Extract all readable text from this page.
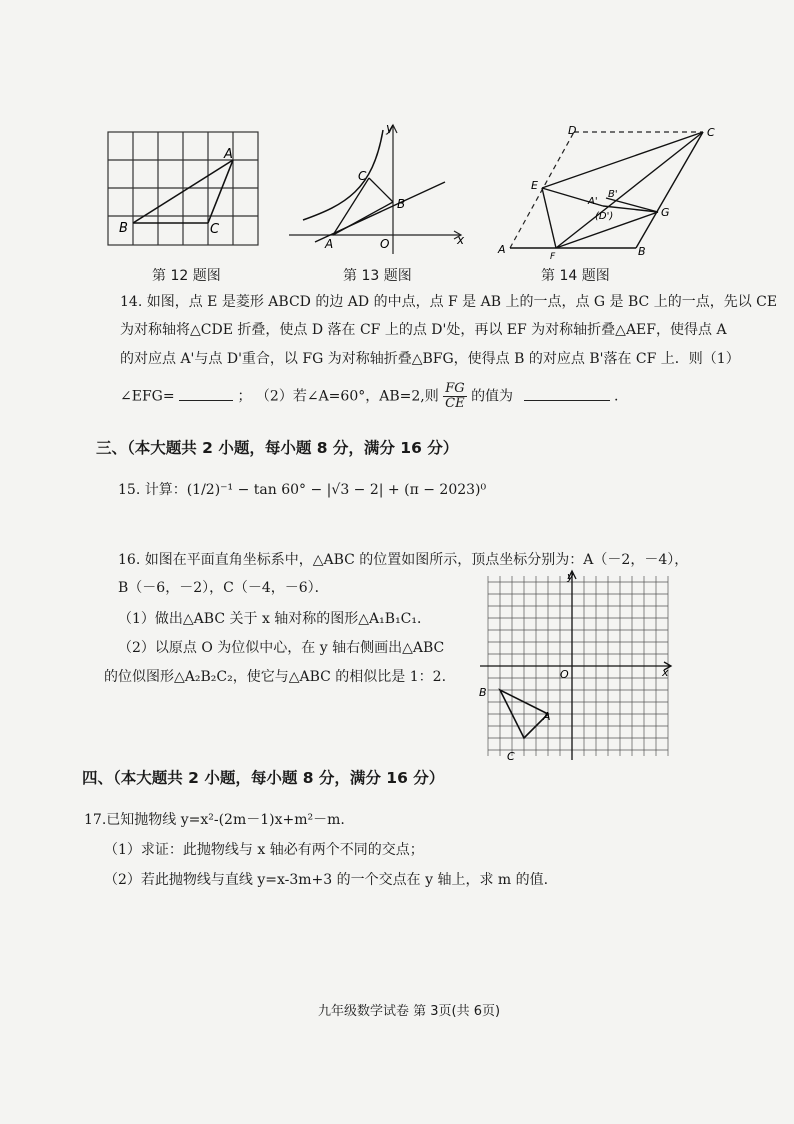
A
B	C
第 12 题图
y
x
O
A
B
C
第 13 题图
D	C
E
G
A	B
F
A'
B'
(D')
第 14 题图
14. 如图，点 E 是菱形 ABCD 的边 AD 的中点，点 F 是 AB 上的一点，点 G 是 BC 上的一点，先以 CE
为对称轴将△CDE 折叠，使点 D 落在 CF 上的点 D'处，再以 EF 为对称轴折叠△AEF，使得点 A
的对应点 A'与点 D'重合，以 FG 为对称轴折叠△BFG，使得点 B 的对应点 B'落在 CF 上．则（1）
∠EFG=	； （2）若∠A=60°，AB=2,则 $\frac{FG}{CE}$ 的值为	.
三、（本大题共 2 小题，每小题 8 分，满分 16 分）
15. 计算：(1/2)⁻¹ − tan 60° − |√3 − 2| + (π − 2023)⁰
16. 如图在平面直角坐标系中，△ABC 的位置如图所示，顶点坐标分别为：A（－2，－4），
B（－6，－2），C（－4，－6）．
（1）做出△ABC 关于 x 轴对称的图形△A₁B₁C₁．
（2）以原点 O 为位似中心，在 y 轴右侧画出△ABC
的位似图形△A₂B₂C₂，使它与△ABC 的相似比是 1：2.
y
x
O
A
B
C
四、（本大题共 2 小题，每小题 8 分，满分 16 分）
17.已知抛物线 y=x²-(2m－1)x+m²－m.
（1）求证：此抛物线与 x 轴必有两个不同的交点；
（2）若此抛物线与直线 y=x-3m+3 的一个交点在 y 轴上，求 m 的值.
九年级数学试卷 第 3页(共 6页)
